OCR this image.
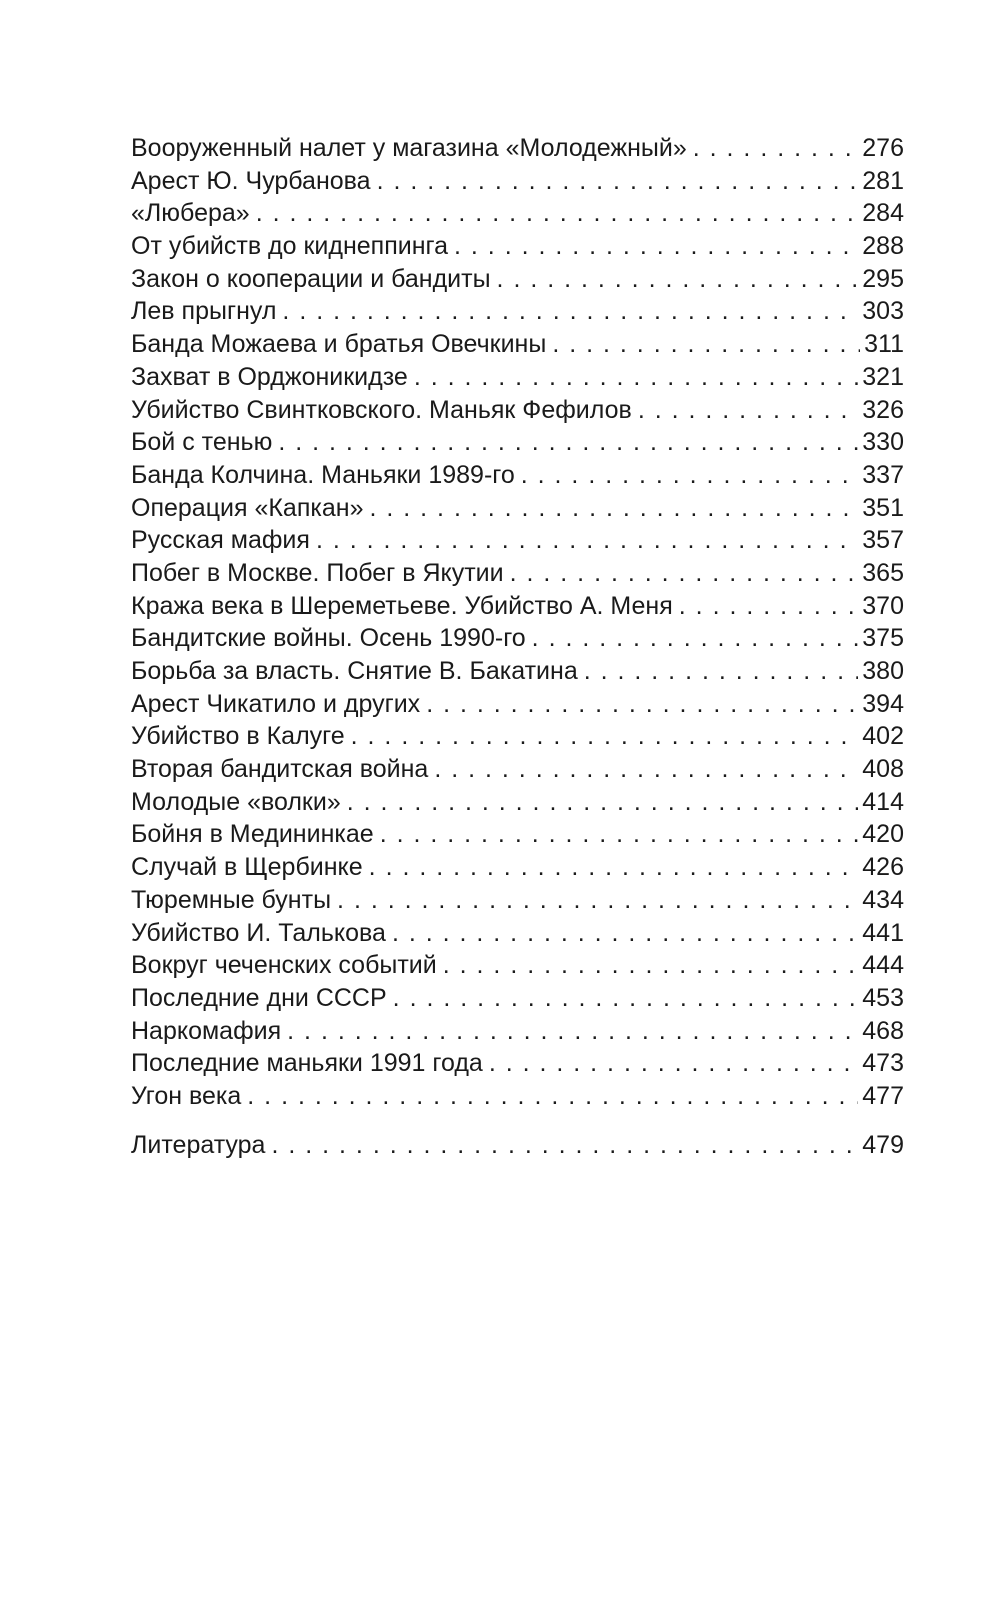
Вооруженный налет у магазина «Молодежный» . . .	276
Арест Ю. Чурбанова . . .	281
«Любера» . . .	284
От убийств до киднеппинга . . .	288
Закон о кооперации и бандиты . . .	295
Лев прыгнул . . .	303
Банда Можаева и братья Овечкины . . .	311
Захват в Орджоникидзе . . .	321
Убийство Свинтковского. Маньяк Фефилов . . .	326
Бой с тенью . . .	330
Банда Колчина. Маньяки 1989-го . . .	337
Операция «Капкан» . . .	351
Русская мафия . . .	357
Побег в Москве. Побег в Якутии . . .	365
Кража века в Шереметьеве. Убийство А. Меня . . .	370
Бандитские войны. Осень 1990-го . . .	375
Борьба за власть. Снятие В. Бакатина . . .	380
Арест Чикатило и других . . .	394
Убийство в Калуге . . .	402
Вторая бандитская война . . .	408
Молодые «волки» . . .	414
Бойня в Медининкае . . .	420
Случай в Щербинке . . .	426
Тюремные бунты . . .	434
Убийство И. Талькова . . .	441
Вокруг чеченских событий . . .	444
Последние дни СССР . . .	453
Наркомафия . . .	468
Последние маньяки 1991 года . . .	473
Угон века . . .	477
Литература . . .	479
